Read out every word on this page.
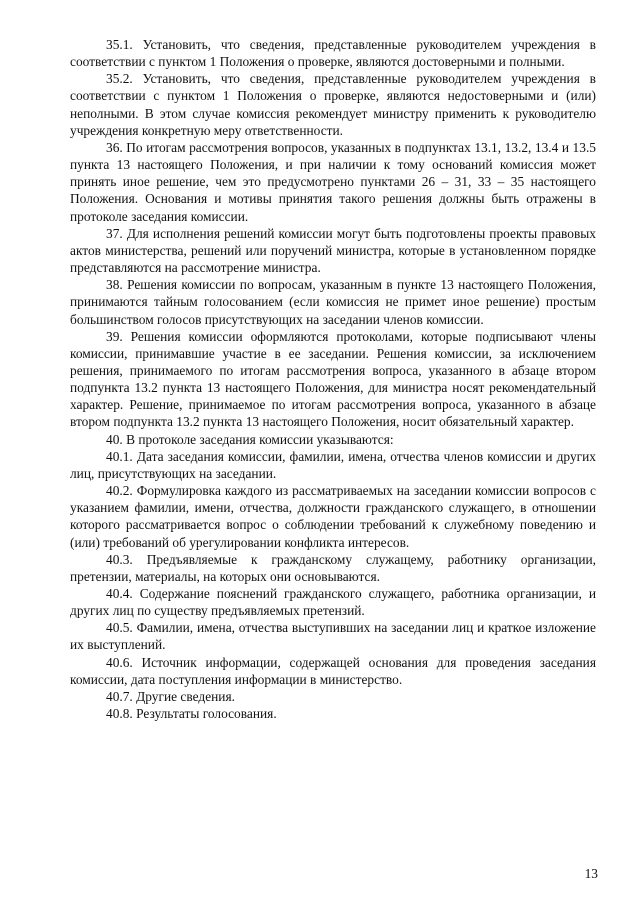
35.1. Установить, что сведения, представленные руководителем учреждения в соответствии с пунктом 1 Положения о проверке, являются достоверными и полными.

35.2. Установить, что сведения, представленные руководителем учреждения в соответствии с пунктом 1 Положения о проверке, являются недостоверными и (или) неполными. В этом случае комиссия рекомендует министру применить к руководителю учреждения конкретную меру ответственности.

36. По итогам рассмотрения вопросов, указанных в подпунктах 13.1, 13.2, 13.4 и 13.5 пункта 13 настоящего Положения, и при наличии к тому оснований комиссия может принять иное решение, чем это предусмотрено пунктами 26 – 31, 33 – 35 настоящего Положения. Основания и мотивы принятия такого решения должны быть отражены в протоколе заседания комиссии.

37. Для исполнения решений комиссии могут быть подготовлены проекты правовых актов министерства, решений или поручений министра, которые в установленном порядке представляются на рассмотрение министра.

38. Решения комиссии по вопросам, указанным в пункте 13 настоящего Положения, принимаются тайным голосованием (если комиссия не примет иное решение) простым большинством голосов присутствующих на заседании членов комиссии.

39. Решения комиссии оформляются протоколами, которые подписывают члены комиссии, принимавшие участие в ее заседании. Решения комиссии, за исключением решения, принимаемого по итогам рассмотрения вопроса, указанного в абзаце втором подпункта 13.2 пункта 13 настоящего Положения, для министра носят рекомендательный характер. Решение, принимаемое по итогам рассмотрения вопроса, указанного в абзаце втором подпункта 13.2 пункта 13 настоящего Положения, носит обязательный характер.

40. В протоколе заседания комиссии указываются:

40.1. Дата заседания комиссии, фамилии, имена, отчества членов комиссии и других лиц, присутствующих на заседании.

40.2. Формулировка каждого из рассматриваемых на заседании комиссии вопросов с указанием фамилии, имени, отчества, должности гражданского служащего, в отношении которого рассматривается вопрос о соблюдении требований к служебному поведению и (или) требований об урегулировании конфликта интересов.

40.3. Предъявляемые к гражданскому служащему, работнику организации, претензии, материалы, на которых они основываются.

40.4. Содержание пояснений гражданского служащего, работника организации, и других лиц по существу предъявляемых претензий.

40.5. Фамилии, имена, отчества выступивших на заседании лиц и краткое изложение их выступлений.

40.6. Источник информации, содержащей основания для проведения заседания комиссии, дата поступления информации в министерство.

40.7. Другие сведения.

40.8. Результаты голосования.

13
